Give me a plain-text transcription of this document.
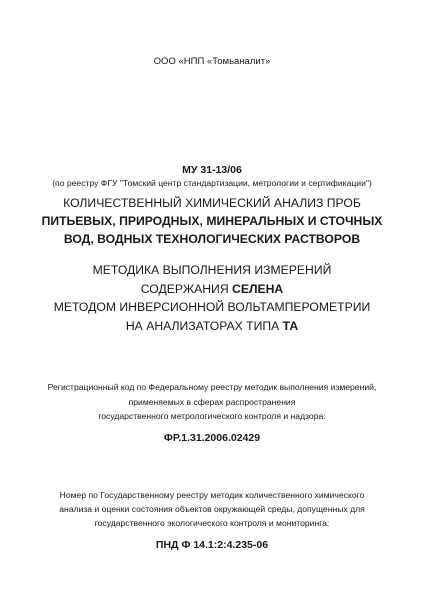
ООО «НПП «Томьаналит»
МУ 31-13/06
(по реестру ФГУ "Томский центр стандартизации, метрологии и сертификации")
КОЛИЧЕСТВЕННЫЙ ХИМИЧЕСКИЙ АНАЛИЗ ПРОБ
ПИТЬЕВЫХ, ПРИРОДНЫХ, МИНЕРАЛЬНЫХ И СТОЧНЫХ
ВОД, ВОДНЫХ ТЕХНОЛОГИЧЕСКИХ РАСТВОРОВ
МЕТОДИКА ВЫПОЛНЕНИЯ ИЗМЕРЕНИЙ
СОДЕРЖАНИЯ СЕЛЕНА
МЕТОДОМ ИНВЕРСИОННОЙ ВОЛЬТАМПЕРОМЕТРИИ
НА АНАЛИЗАТОРАХ ТИПА ТА
Регистрационный код по Федеральному реестру методик выполнения измерений,
применяемых в сферах распространения
государственного метрологического контроля и надзора:
ФР.1.31.2006.02429
Номер по Государственному реестру методик количественного химического
анализа и оценки состояния объектов окружающей среды, допущенных для
государственного экологического контроля и мониторинга:
ПНД Ф 14.1:2:4.235-06
